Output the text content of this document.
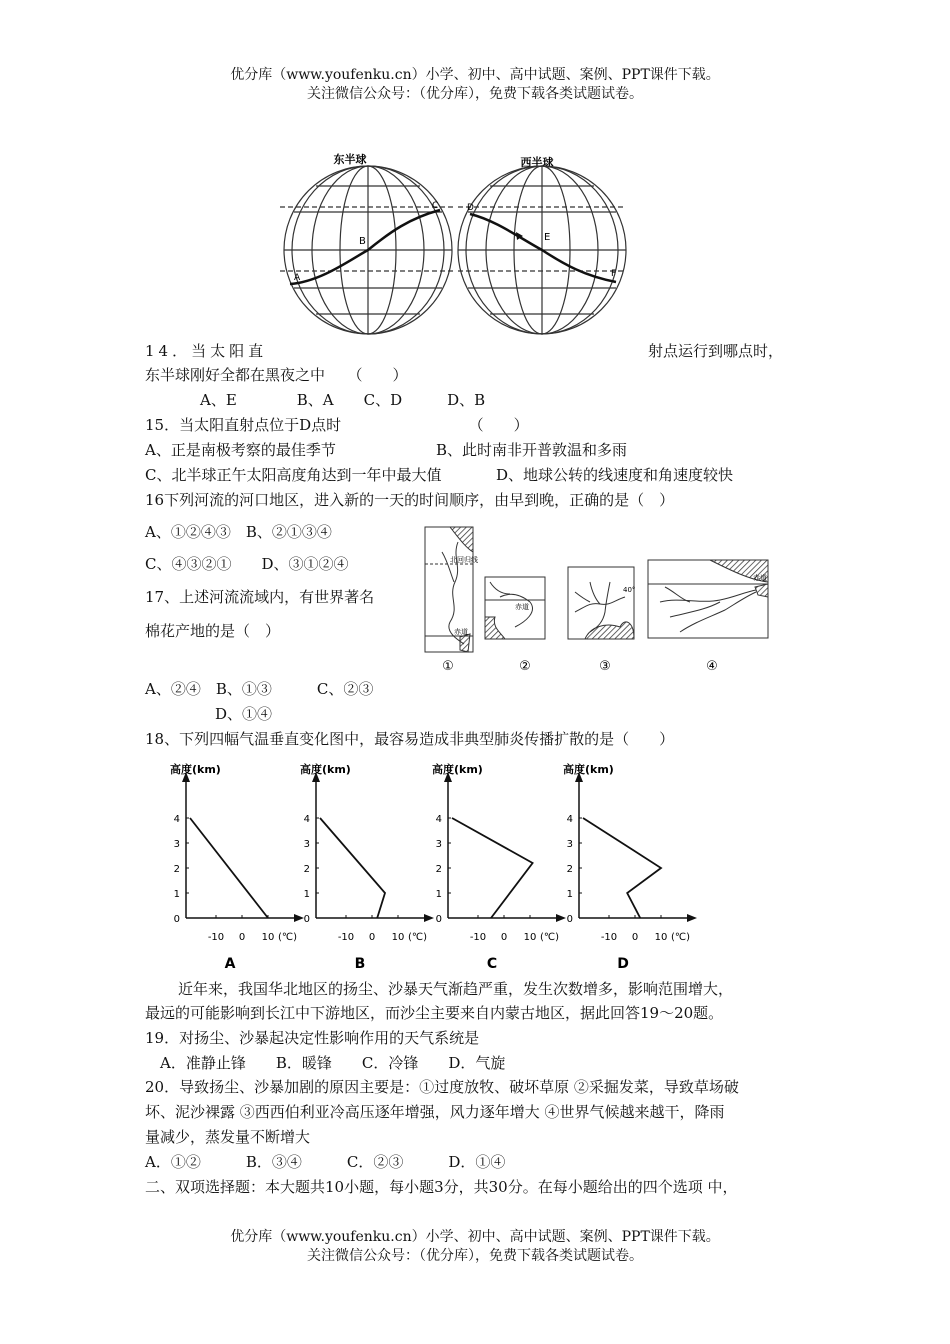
优分库（www.youfenku.cn）小学、初中、高中试题、案例、PPT课件下载。
关注微信公众号：（优分库），免费下载各类试题试卷。
东半球	西半球
A
B
C	D
E
F
14．当太阳直	射点运行到哪点时，
东半球刚好全都在黑夜之中　　（　　）
A、E　　　　B、A　　C、D　　　D、B
15．当太阳直射点位于D点时　　　　　　　　　（　　）
A、正是南极考察的最佳季节	B、此时南非开普敦温和多雨
C、北半球正午太阳高度角达到一年中最大值	D、地球公转的线速度和角速度较快
16下列河流的河口地区，进入新的一天的时间顺序，由早到晚，正确的是（　）
A、①②④③　B、②①③④
C、④③②①　　D、③①②④
17、上述河流流域内，有世界著名
棉花产地的是（　）
A、②④　B、①③　　　C、②③
D、①④
北回归线
赤道
赤道
40°
赤道
①	②	③	④
18、下列四幅气温垂直变化图中，最容易造成非典型肺炎传播扩散的是（　　）
高度(km)
0
1
2
3
4
-10 0 10 (℃)
A
高度(km)
0
1
2
3
4
-10 0 10 (℃)
B
高度(km)
0
1
2
3
4
-10 0 10 (℃)
C
高度(km)
0
1
2
3
4
-10 0 10 (℃)
D
近年来，我国华北地区的扬尘、沙暴天气渐趋严重，发生次数增多，影响范围增大，
最远的可能影响到长江中下游地区，而沙尘主要来自内蒙古地区，据此回答19～20题。
19．对扬尘、沙暴起决定性影响作用的天气系统是
A．准静止锋　　B．暖锋　　C．冷锋　　D．气旋
20．导致扬尘、沙暴加剧的原因主要是：①过度放牧、破坏草原 ②采掘发菜，导致草场破
坏、泥沙裸露 ③西西伯利亚冷高压逐年增强，风力逐年增大 ④世界气候越来越干，降雨
量减少，蒸发量不断增大
A．①②　　　B．③④　　　C．②③　　　D．①④
二、双项选择题：本大题共10小题，每小题3分，共30分。在每小题给出的四个选项 中，
优分库（www.youfenku.cn）小学、初中、高中试题、案例、PPT课件下载。
关注微信公众号：（优分库），免费下载各类试题试卷。
